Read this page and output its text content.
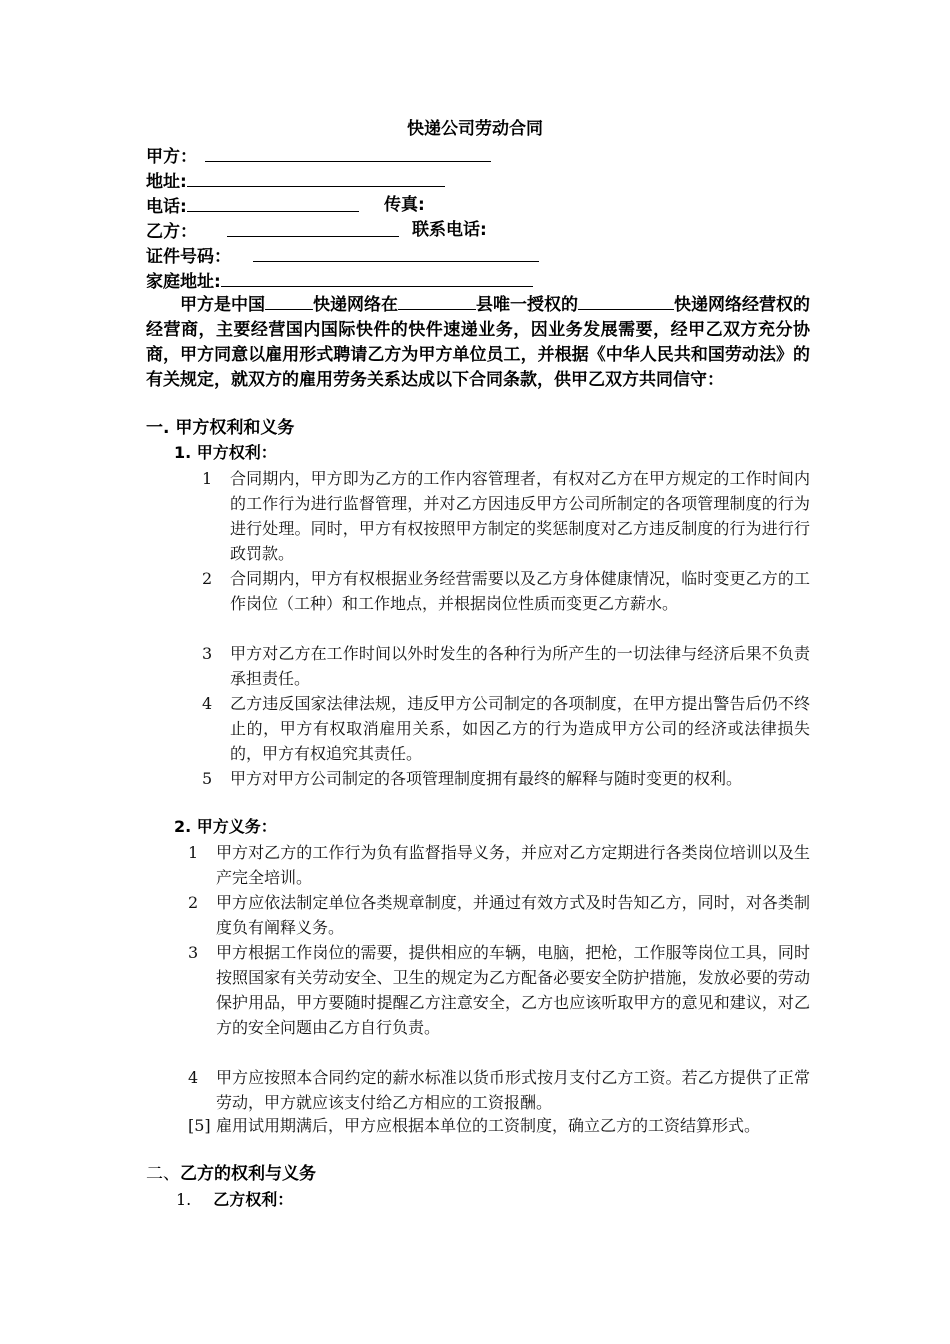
快递公司劳动合同
甲方：
地址:
电话:	传真:
乙方：	联系电话:
证件号码：
家庭地址:
甲方是中国	快递网络在	县唯一授权的	快递网络经营权的经营商，主要经营国内国际快件的快件速递业务，因业务发展需要，经甲乙双方充分协商，甲方同意以雇用形式聘请乙方为甲方单位员工，并根据《中华人民共和国劳动法》的有关规定，就双方的雇用劳务关系达成以下合同条款，供甲乙双方共同信守：
一. 甲方权利和义务
1. 甲方权利：
1 合同期内，甲方即为乙方的工作内容管理者，有权对乙方在甲方规定的工作时间内的工作行为进行监督管理，并对乙方因违反甲方公司所制定的各项管理制度的行为进行处理。同时，甲方有权按照甲方制定的奖惩制度对乙方违反制度的行为进行行政罚款。
2 合同期内，甲方有权根据业务经营需要以及乙方身体健康情况，临时变更乙方的工作岗位（工种）和工作地点，并根据岗位性质而变更乙方薪水。
3 甲方对乙方在工作时间以外时发生的各种行为所产生的一切法律与经济后果不负责承担责任。
4 乙方违反国家法律法规，违反甲方公司制定的各项制度，在甲方提出警告后仍不终止的，甲方有权取消雇用关系，如因乙方的行为造成甲方公司的经济或法律损失的，甲方有权追究其责任。
5 甲方对甲方公司制定的各项管理制度拥有最终的解释与随时变更的权利。
2. 甲方义务：
1 甲方对乙方的工作行为负有监督指导义务，并应对乙方定期进行各类岗位培训以及生产完全培训。
2 甲方应依法制定单位各类规章制度，并通过有效方式及时告知乙方，同时，对各类制度负有阐释义务。
3 甲方根据工作岗位的需要，提供相应的车辆，电脑，把枪，工作服等岗位工具，同时按照国家有关劳动安全、卫生的规定为乙方配备必要安全防护措施，发放必要的劳动保护用品，甲方要随时提醒乙方注意安全，乙方也应该听取甲方的意见和建议，对乙方的安全问题由乙方自行负责。
4 甲方应按照本合同约定的薪水标准以货币形式按月支付乙方工资。若乙方提供了正常劳动，甲方就应该支付给乙方相应的工资报酬。
[5] 雇用试用期满后，甲方应根据本单位的工资制度，确立乙方的工资结算形式。
二、乙方的权利与义务
1. 乙方权利：
